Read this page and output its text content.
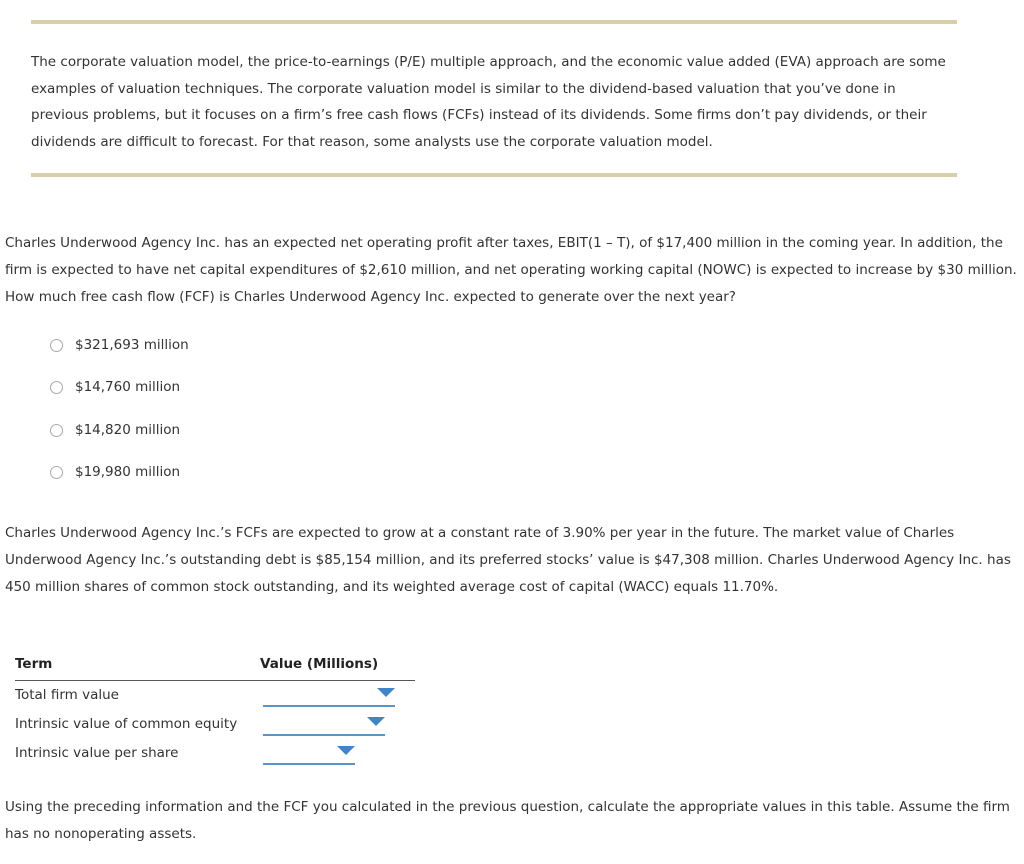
The corporate valuation model, the price-to-earnings (P/E) multiple approach, and the economic value added (EVA) approach are some examples of valuation techniques. The corporate valuation model is similar to the dividend-based valuation that you’ve done in previous problems, but it focuses on a firm’s free cash flows (FCFs) instead of its dividends. Some firms don’t pay dividends, or their dividends are difficult to forecast. For that reason, some analysts use the corporate valuation model.

Charles Underwood Agency Inc. has an expected net operating profit after taxes, EBIT(1 – T), of $17,400 million in the coming year. In addition, the firm is expected to have net capital expenditures of $2,610 million, and net operating working capital (NOWC) is expected to increase by $30 million. How much free cash flow (FCF) is Charles Underwood Agency Inc. expected to generate over the next year?

$321,693 million
$14,760 million
$14,820 million
$19,980 million

Charles Underwood Agency Inc.’s FCFs are expected to grow at a constant rate of 3.90% per year in the future. The market value of Charles Underwood Agency Inc.’s outstanding debt is $85,154 million, and its preferred stocks’ value is $47,308 million. Charles Underwood Agency Inc. has 450 million shares of common stock outstanding, and its weighted average cost of capital (WACC) equals 11.70%.

Term	Value (Millions)
Total firm value
Intrinsic value of common equity
Intrinsic value per share

Using the preceding information and the FCF you calculated in the previous question, calculate the appropriate values in this table. Assume the firm has no nonoperating assets.
